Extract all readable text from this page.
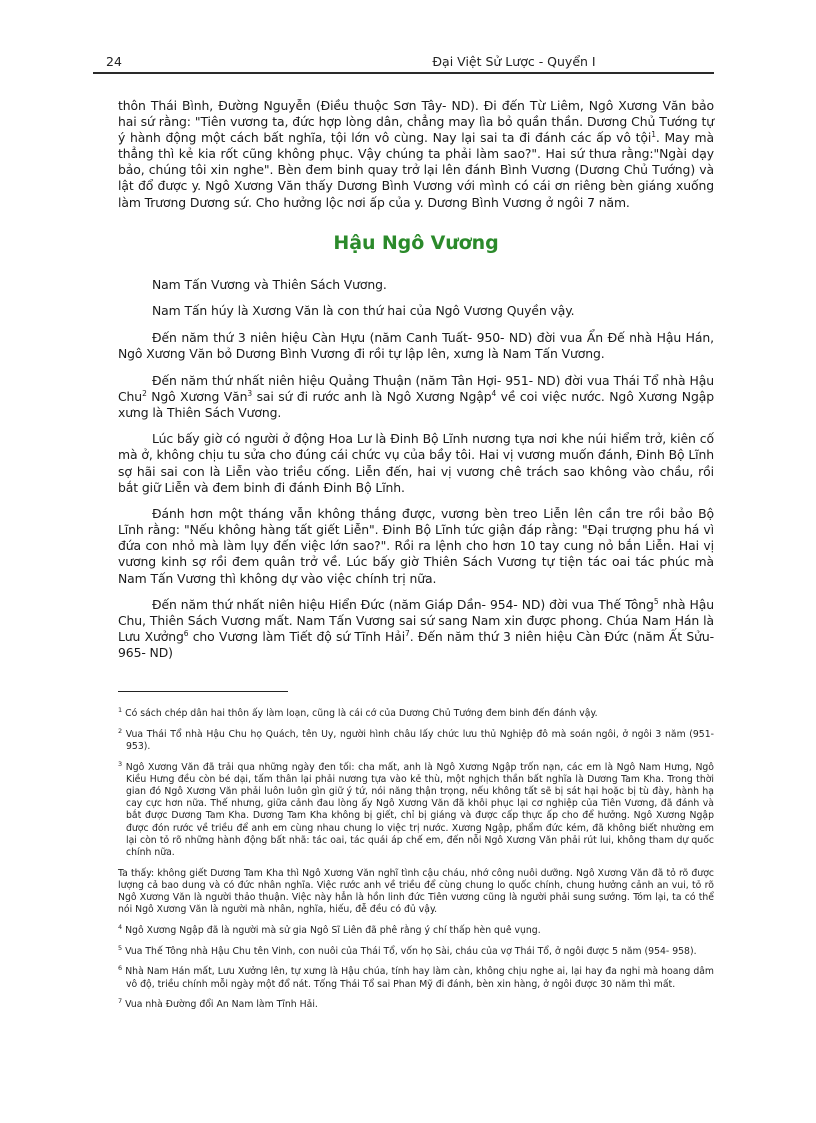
24	Đại Việt Sử Lược - Quyển I

thôn Thái Bình, Đường Nguyễn (Điều thuộc Sơn Tây- ND). Đi đến Từ Liêm, Ngô Xương Văn bảo hai sứ rằng: "Tiên vương ta, đức hợp lòng dân, chẳng may lìa bỏ quần thần. Dương Chủ Tướng tự ý hành động một cách bất nghĩa, tội lớn vô cùng. Nay lại sai ta đi đánh các ấp vô tội$^1$. May mà thẳng thì kẻ kia rốt cũng không phục. Vậy chúng ta phải làm sao?". Hai sứ thưa rằng:"Ngài dạy bảo, chúng tôi xin nghe". Bèn đem binh quay trở lại lên đánh Bình Vương (Dương Chủ Tướng) và lật đổ được y. Ngô Xương Văn thấy Dương Bình Vương với mình có cái ơn riêng bèn giáng xuống làm Trương Dương sứ. Cho hưởng lộc nơi ấp của y. Dương Bình Vương ở ngôi 7 năm.

Hậu Ngô Vương

Nam Tấn Vương và Thiên Sách Vương.

Nam Tấn húy là Xương Văn là con thứ hai của Ngô Vương Quyền vậy.

Đến năm thứ 3 niên hiệu Càn Hựu (năm Canh Tuất- 950- ND) đời vua Ẩn Đế nhà Hậu Hán, Ngô Xương Văn bỏ Dương Bình Vương đi rồi tự lập lên, xưng là Nam Tấn Vương.

Đến năm thứ nhất niên hiệu Quảng Thuận (năm Tân Hợi- 951- ND) đời vua Thái Tổ nhà Hậu Chu$^2$ Ngô Xương Văn$^3$ sai sứ đi rước anh là Ngô Xương Ngập$^4$ về coi việc nước. Ngô Xương Ngập xưng là Thiên Sách Vương.

Lúc bấy giờ có người ở động Hoa Lư là Đinh Bộ Lĩnh nương tựa nơi khe núi hiểm trở, kiên cố mà ở, không chịu tu sửa cho đúng cái chức vụ của bầy tôi. Hai vị vương muốn đánh, Đinh Bộ Lĩnh sợ hãi sai con là Liễn vào triều cống. Liễn đến, hai vị vương chê trách sao không vào chầu, rồi bắt giữ Liễn và đem binh đi đánh Đinh Bộ Lĩnh.

Đánh hơn một tháng vẫn không thắng được, vương bèn treo Liễn lên cần tre rồi bảo Bộ Lĩnh rằng: "Nếu không hàng tất giết Liễn". Đinh Bộ Lĩnh tức giận đáp rằng: "Đại trượng phu há vì đứa con nhỏ mà làm lụy đến việc lớn sao?". Rồi ra lệnh cho hơn 10 tay cung nỏ bắn Liễn. Hai vị vương kinh sợ rồi đem quân trở về. Lúc bấy giờ Thiên Sách Vương tự tiện tác oai tác phúc mà Nam Tấn Vương thì không dự vào việc chính trị nữa.

Đến năm thứ nhất niên hiệu Hiển Đức (năm Giáp Dần- 954- ND) đời vua Thế Tông$^5$ nhà Hậu Chu, Thiên Sách Vương mất. Nam Tấn Vương sai sứ sang Nam xin được phong. Chúa Nam Hán là Lưu Xưởng$^6$ cho Vương làm Tiết độ sứ Tĩnh Hải$^7$. Đến năm thứ 3 niên hiệu Càn Đức (năm Ất Sửu- 965- ND)

$^1$ Có sách chép dân hai thôn ấy làm loạn, cũng là cái cớ của Dương Chủ Tướng đem binh đến đánh vậy.
$^2$ Vua Thái Tổ nhà Hậu Chu họ Quách, tên Uy, người hình châu lấy chức lưu thủ Nghiệp đô mà soán ngôi, ở ngôi 3 năm (951- 953).
$^3$ Ngô Xương Văn đã trải qua những ngày đen tối: cha mất, anh là Ngô Xương Ngập trốn nạn, các em là Ngô Nam Hưng, Ngô Kiều Hưng đều còn bé dại, tấm thân lại phải nương tựa vào kẻ thù, một nghịch thần bất nghĩa là Dương Tam Kha. Trong thời gian đó Ngô Xương Văn phải luôn luôn gìn giữ ý tứ, nói năng thận trọng, nếu không tất sẽ bị sát hại hoặc bị tù đày, hành hạ cay cực hơn nữa. Thế nhưng, giữa cảnh đau lòng ấy Ngô Xương Văn đã khôi phục lại cơ nghiệp của Tiên Vương, đã đánh và bắt được Dương Tam Kha. Dương Tam Kha không bị giết, chỉ bị giáng và được cấp thực ấp cho để hưởng. Ngô Xương Ngập được đón rước về triều để anh em cùng nhau chung lo việc trị nước. Xương Ngập, phẩm đức kém, đã không biết nhường em lại còn tỏ rõ những hành động bất nhã: tác oai, tác quái áp chế em, đến nỗi Ngô Xương Văn phải rút lui, không tham dự quốc chính nữa.
Ta thấy: không giết Dương Tam Kha thì Ngô Xương Văn nghĩ tình cậu cháu, nhớ công nuôi dưỡng. Ngô Xương Văn đã tỏ rõ được lượng cả bao dung và có đức nhân nghĩa. Việc rước anh về triều để cùng chung lo quốc chính, chung hưởng cảnh an vui, tỏ rõ Ngô Xương Văn là người thảo thuận. Việc này hẳn là hồn linh đức Tiên vương cũng là người phải sung sướng. Tóm lại, ta có thể nói Ngô Xương Văn là người mà nhân, nghĩa, hiếu, đễ đều có đủ vậy.
$^4$ Ngô Xương Ngập đã là người mà sử gia Ngô Sĩ Liên đã phê rằng ý chí thấp hèn quê vụng.
$^5$ Vua Thế Tông nhà Hậu Chu tên Vinh, con nuôi của Thái Tổ, vốn họ Sài, cháu của vợ Thái Tổ, ở ngôi được 5 năm (954- 958).
$^6$ Nhà Nam Hán mất, Lưu Xưởng lên, tự xưng là Hậu chúa, tính hay làm càn, không chịu nghe ai, lại hay đa nghi mà hoang dâm vô độ, triều chính mỗi ngày một đổ nát. Tống Thái Tổ sai Phan Mỹ đi đánh, bèn xin hàng, ở ngôi được 30 năm thì mất.
$^7$ Vua nhà Đường đổi An Nam làm Tĩnh Hải.
